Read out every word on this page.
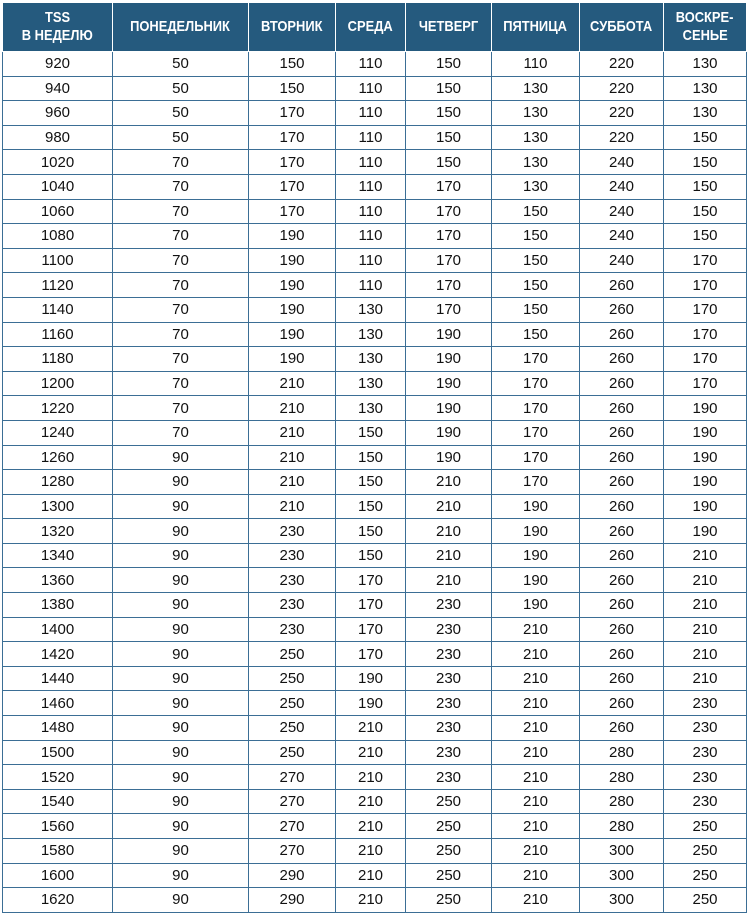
TSS
В НЕДЕЛЮ	ПОНЕДЕЛЬНИК	ВТОРНИК	СРЕДА	ЧЕТВЕРГ	ПЯТНИЦА	СУББОТА	ВОСКРЕ-
СЕНЬЕ
920	50	150	110	150	110	220	130
940	50	150	110	150	130	220	130
960	50	170	110	150	130	220	130
980	50	170	110	150	130	220	150
1020	70	170	110	150	130	240	150
1040	70	170	110	170	130	240	150
1060	70	170	110	170	150	240	150
1080	70	190	110	170	150	240	150
1100	70	190	110	170	150	240	170
1120	70	190	110	170	150	260	170
1140	70	190	130	170	150	260	170
1160	70	190	130	190	150	260	170
1180	70	190	130	190	170	260	170
1200	70	210	130	190	170	260	170
1220	70	210	130	190	170	260	190
1240	70	210	150	190	170	260	190
1260	90	210	150	190	170	260	190
1280	90	210	150	210	170	260	190
1300	90	210	150	210	190	260	190
1320	90	230	150	210	190	260	190
1340	90	230	150	210	190	260	210
1360	90	230	170	210	190	260	210
1380	90	230	170	230	190	260	210
1400	90	230	170	230	210	260	210
1420	90	250	170	230	210	260	210
1440	90	250	190	230	210	260	210
1460	90	250	190	230	210	260	230
1480	90	250	210	230	210	260	230
1500	90	250	210	230	210	280	230
1520	90	270	210	230	210	280	230
1540	90	270	210	250	210	280	230
1560	90	270	210	250	210	280	250
1580	90	270	210	250	210	300	250
1600	90	290	210	250	210	300	250
1620	90	290	210	250	210	300	250
